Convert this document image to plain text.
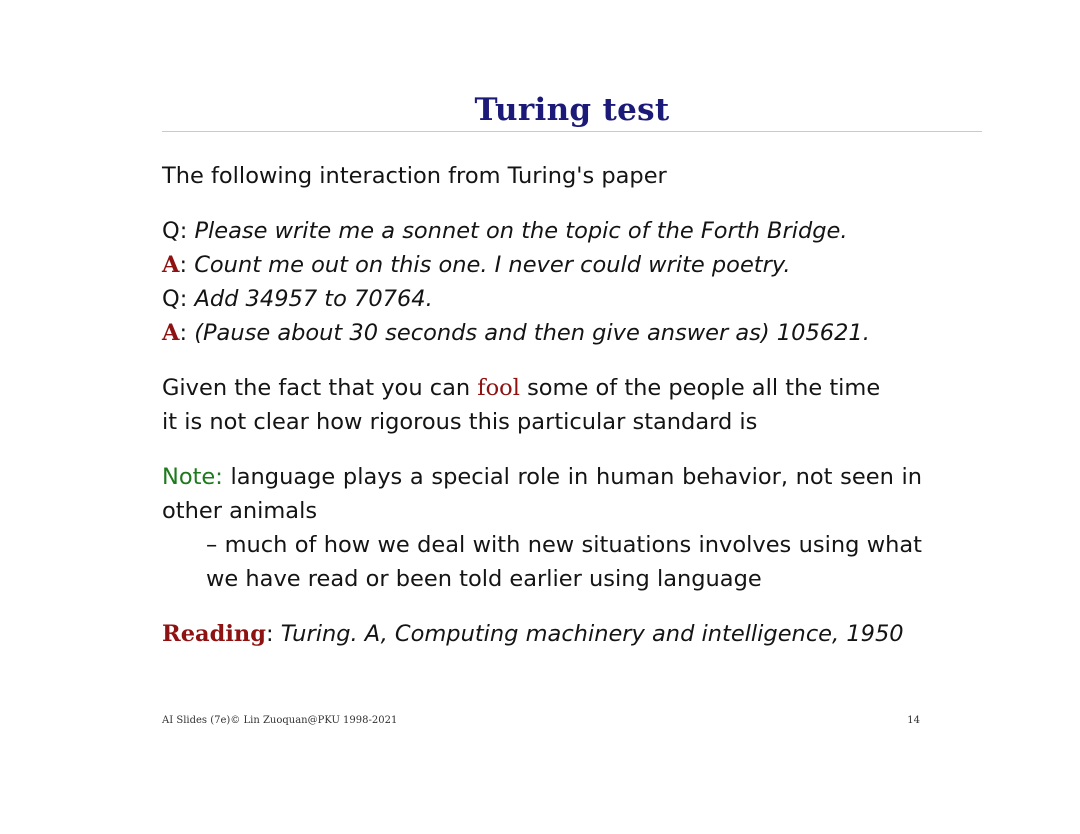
Turing test

The following interaction from Turing's paper

Q: Please write me a sonnet on the topic of the Forth Bridge.

A: Count me out on this one. I never could write poetry.

Q: Add 34957 to 70764.

A: (Pause about 30 seconds and then give answer as) 105621.

Given the fact that you can fool some of the people all the time

it is not clear how rigorous this particular standard is

Note: language plays a special role in human behavior, not seen in other animals

– much of how we deal with new situations involves using what we have read or been told earlier using language

Reading: Turing. A, Computing machinery and intelligence, 1950

AI Slides (7e)© Lin Zuoquan@PKU 1998-2021	14
